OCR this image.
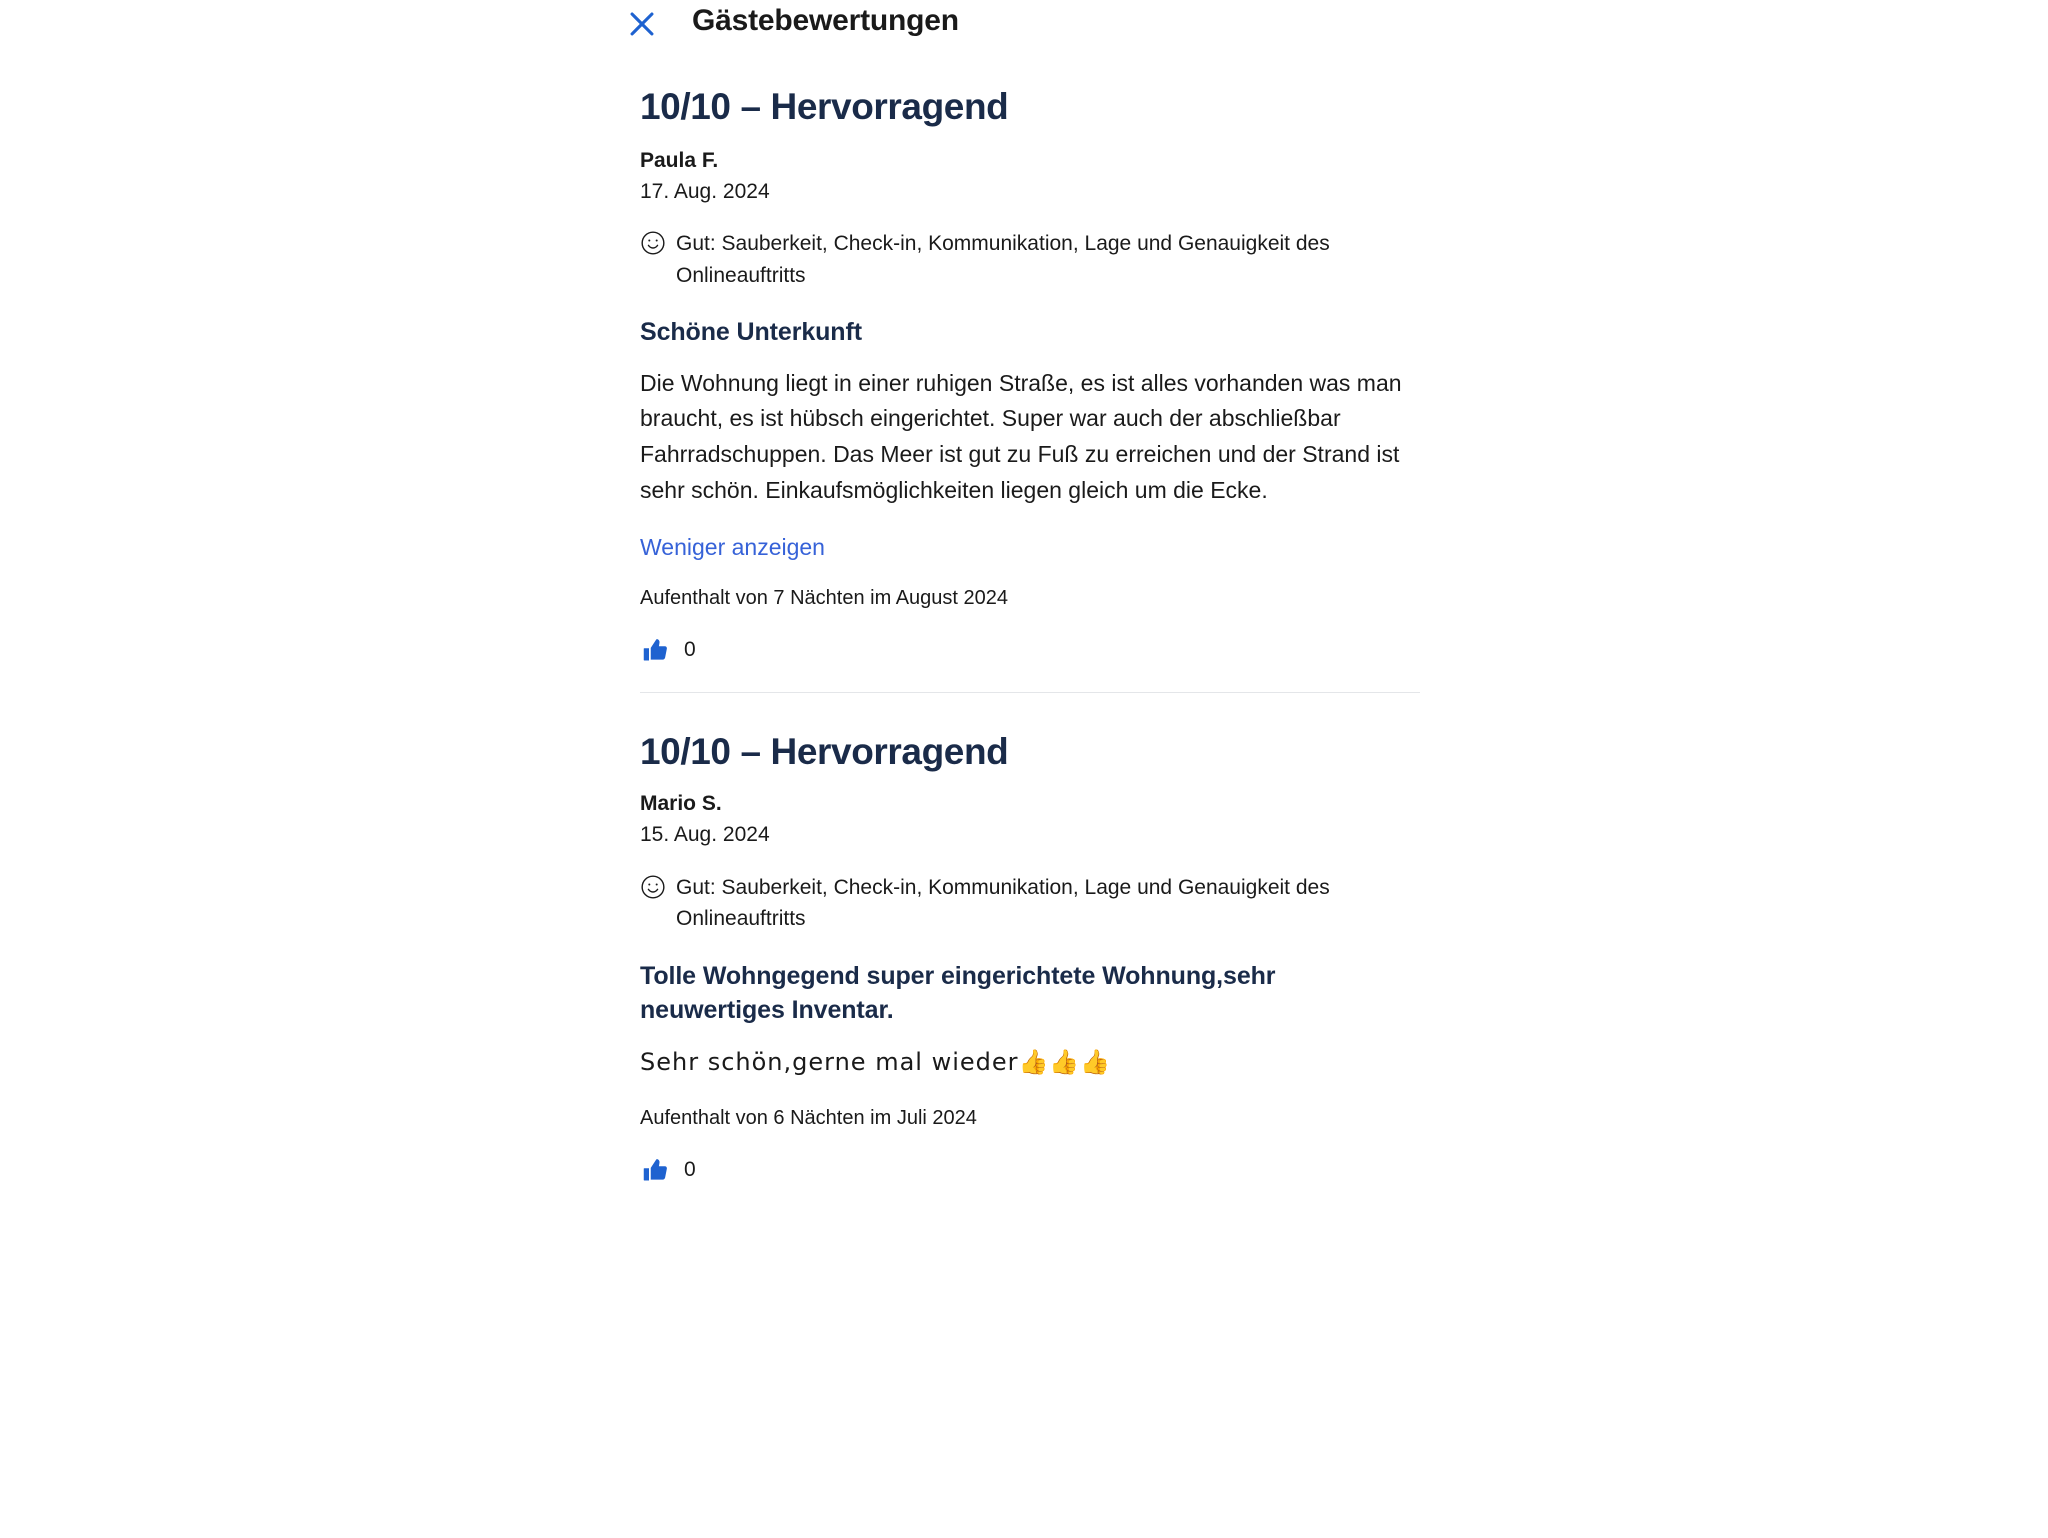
Gästebewertungen
10/10 – Hervorragend
Paula F.
17. Aug. 2024
Gut: Sauberkeit, Check-in, Kommunikation, Lage und Genauigkeit des Onlineauftritts
Schöne Unterkunft

Die Wohnung liegt in einer ruhigen Straße, es ist alles vorhanden was man braucht, es ist hübsch eingerichtet. Super war auch der abschließbar Fahrradschuppen. Das Meer ist gut zu Fuß zu erreichen und der Strand ist sehr schön. Einkaufsmöglichkeiten liegen gleich um die Ecke.

Weniger anzeigen
Aufenthalt von 7 Nächten im August 2024
0
10/10 – Hervorragend
Mario S.
15. Aug. 2024
Gut: Sauberkeit, Check-in, Kommunikation, Lage und Genauigkeit des Onlineauftritts
Tolle Wohngegend super eingerichtete Wohnung,sehr neuwertiges Inventar.

Sehr schön,gerne mal wieder👍👍👍

Aufenthalt von 6 Nächten im Juli 2024
0
